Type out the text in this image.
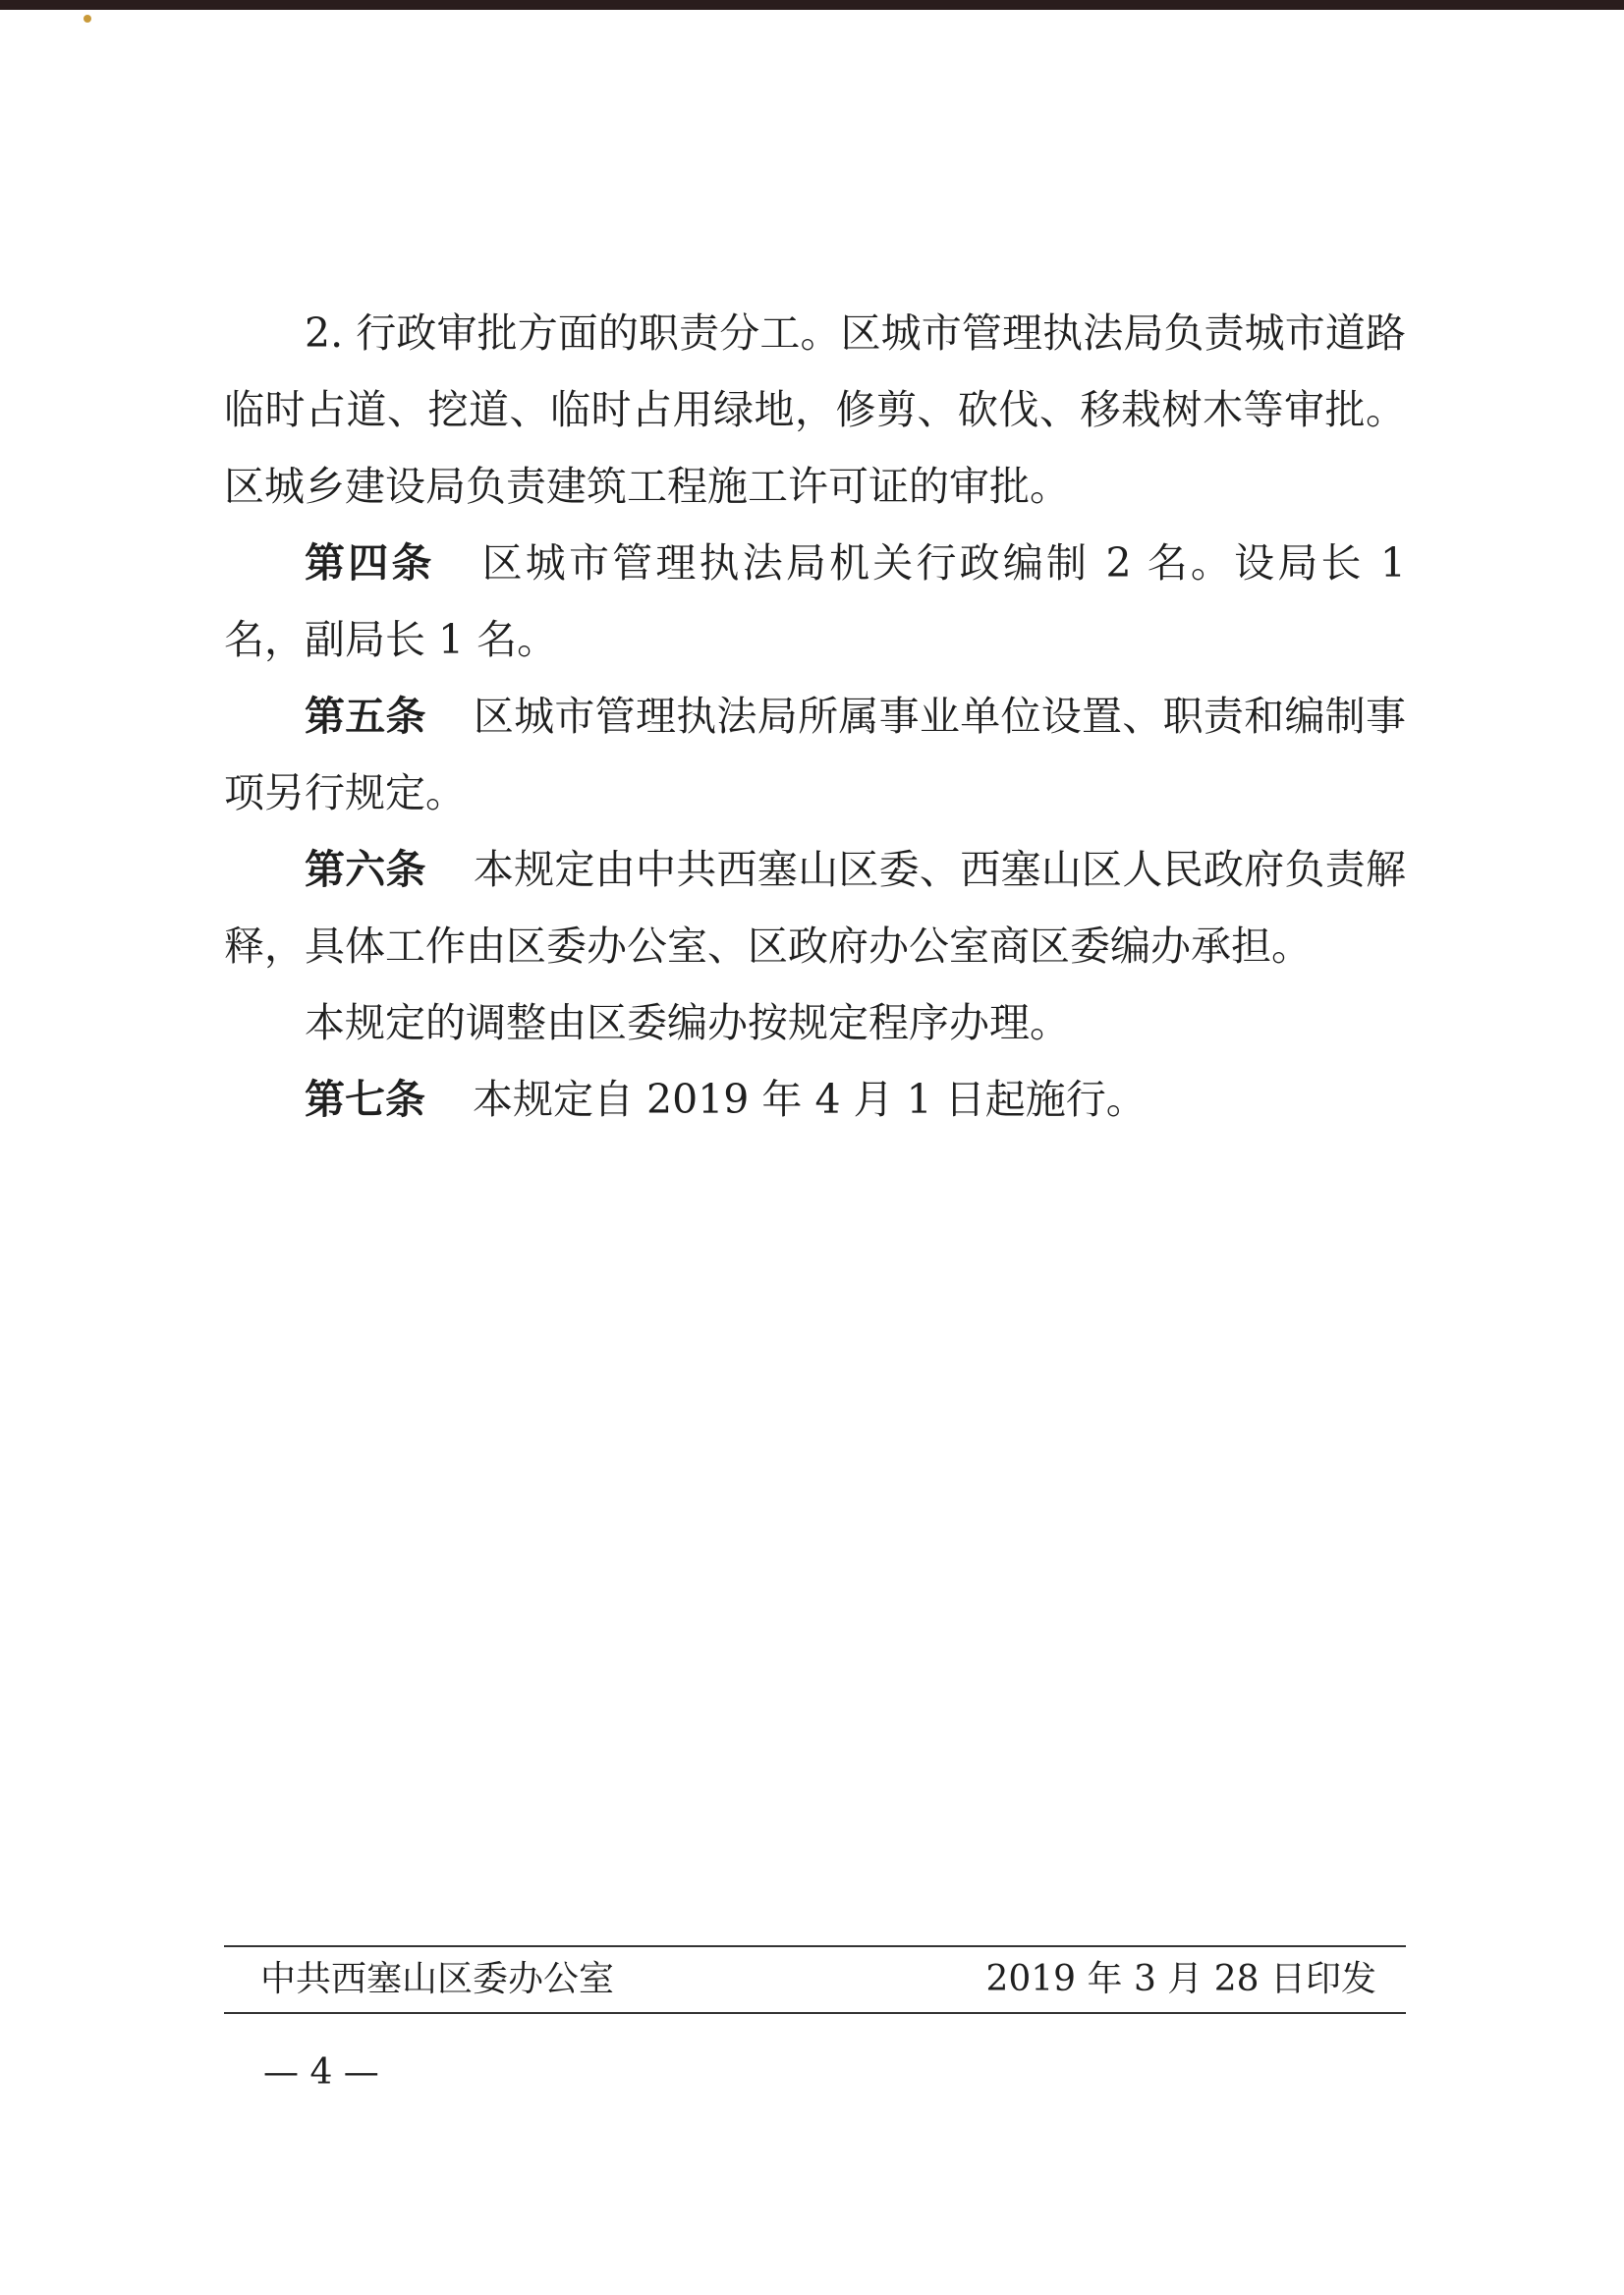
2. 行政审批方面的职责分工。区城市管理执法局负责城市道路临时占道、挖道、临时占用绿地，修剪、砍伐、移栽树木等审批。区城乡建设局负责建筑工程施工许可证的审批。

第四条 区城市管理执法局机关行政编制 2 名。设局长 1 名，副局长 1 名。

第五条 区城市管理执法局所属事业单位设置、职责和编制事项另行规定。

第六条 本规定由中共西塞山区委、西塞山区人民政府负责解释，具体工作由区委办公室、区政府办公室商区委编办承担。

本规定的调整由区委编办按规定程序办理。

第七条 本规定自 2019 年 4 月 1 日起施行。

中共西塞山区委办公室	2019 年 3 月 28 日印发
— 4 —
